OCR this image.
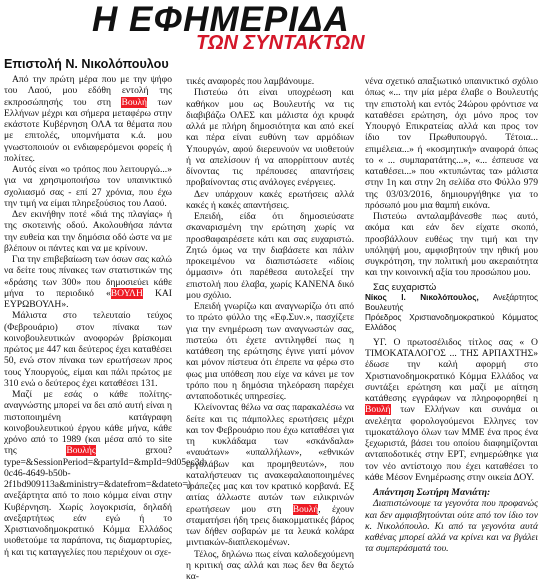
Η ΕΦΗΜΕΡΙΔΑ
ΤΩΝ ΣΥΝΤΑΚΤΩΝ
Επιστολή Ν. Νικολόπουλου

Από την πρώτη μέρα που με την ψήφο του Λαού, μου εδόθη εντολή της εκπροσώπησής του στη Βουλή των Ελλήνων μέχρι και σήμερα μεταφέρω στην εκάστοτε Κυβέρνηση ΟΛΑ τα θέματα που με επιτολές, υπομνήματα κ.ά. μου γνωστοποιούν οι ενδιαφερόμενοι φορείς ή πολίτες.

Αυτός είναι «ο τρόπος που λειτουργώ...» για να χρησιμοποιήσω τον υπαινικτικό σχολιασμό σας - επί 27 χρόνια, που έχω την τιμή να είμαι πληρεξούσιος του Λαού.

Δεν εκινήθην ποτέ «διά της πλαγίας» ή της σκοτεινής οδού. Ακολουθήσα πάντα την ευθεία και την δημόσια οδό ώστε να με βλέπουν οι πάντες και να με κρίνουν.

Για την επιβεβαίωση των όσων σας καλώ να δείτε τους πίνακες των στατιστικών της «δράσης των 300» που δημοσιεύει κάθε μήνα το περιοδικό «ΒΟΥΛΗ ΚΑΙ ΕΥΡΩΒΟΥΛΗ».

Μάλιστα στο τελευταίο τεύχος (Φεβρουάριο) στον πίνακα των κοινοβουλευτικών ανοφορών βρίσκομαι πρώτος με 447 και δεύτερος έχει καταθέσει 50, ενώ στον πίνακα των ερωτήσεων προς τους Υπουργούς, είμαι και πάλι πρώτος με 310 ενώ ο δεύτερος έχει καταθέσει 131.

Μαζί με εσάς ο κάθε πολίτης-αναγνώστης μπορεί να δει από αυτή είναι η πιστοποιημένη κατάγραφη κοινοβουλευτικού έργου κάθε μήνα, κάθε χρόνο από το 1989 (και μέσα από το site της Βουλής grxou?type=&SessionPeriod=&partyId=&mpId=9d05ec3d-0c46-4649-b50b-2f1bd909113a&ministry=&datefrom=&dateto=) ανεξάρτητα από το ποιο κόμμα είναι στην Κυβέρνηση. Χωρίς λογοκρισία, δηλαδή ανεξαρτήτως εάν εγώ ή το Χριστιανοδημοκρατικό Κόμμα Ελλάδος υιοθετούμε τα παράπονα, τις διαμαρτυρίες, ή και τις καταγγελίες που περιέχουν οι σχε-

τικές αναφορές που λαμβάνουμε.

Πιστεύω ότι είναι υποχρέωση και καθήκον μου ως Βουλευτής να τις διαβιβάζω ΟΛΕΣ και μάλιστα όχι κρυφά αλλά με πλήρη δημοσιότητα και από εκεί και πέρα είναι ευθύνη των αρμόδιων Υπουργών, αφού διερευνούν να υιοθετούν ή να απελίσουν ή να απορρίπτουν αυτές δίνοντας τις πρέπουσες απαντήσεις προβαίνοντας στις ανάλογες ενέργειες.

Δεν υπάρχουν κακές ερωτήσεις αλλά κακές ή κακές απαντήσεις.

Επειδή, είδα ότι δημοσιεύσατε σκαναρισμένη την ερώτηση χωρίς να προσθαφαιρέσετε κάτι και σας ευχαριστώ. Ζητώ όμως να την διαβάσετε και πάλιν προκειμένου να διαπιστώσετε «ιδίοις όμμασιν» ότι παρέθεσα αυτολεξεί την επιστολή που έλαβα, χωρίς ΚΑΝΕΝΑ δικό μου σχόλιο.

Επειδή γνωρίζω και αναγνωρίζω ότι από το πρώτο φύλλο της «Εφ.Συν.», πασχίζετε για την ενημέρωση των αναγνωστών σας, πιστεύω ότι έχετε αντιληφθεί πως η κατάθεση της ερώτησης έγινε γιατί μόνον και μόνον πίστευα ότι έπρεπε να φέρω στο φως μια υπόθεση που είχε να κάνει με τον τρόπο που η δημόσια τηλεόραση παρέχει ανταποδοτικές υπηρεσίες.

Κλείνοντας θέλω να σας παρακαλέσω να δείτε και τις πάμπολλες ερωτήσεις μέχρι και τον Φεβρουάριο που έχω καταθέσει για τη κυκλάδαμα των «σκάνδαλα» «ναυάτων» «υπαλλήλων», «εθνικών εργολάβων και προμηθευτών», που καταλήστευαν τις ανακεφαλαιοποιημένες τράπεζες μας και τον κρατικό κορβανά. Εξ αιτίας άλλωστε αυτών των ειλικρινών ερωτήσεων μου στη Βουλή, έχουν σταματήσει ήδη τρεις διακομματικές βάρος των δήθεν σοβαρών με τα λευκά κολάρα μιντιακών-διαπλεκομένων.

Τέλος, δηλώνω πως είναι καλοδεχούμενη η κριτική σας αλλά και πως δεν θα δεχτώ κα-

νένα σχετικό απαξιωτικό υπαινικτικό σχόλιο όπως «... την μία μέρα έλαβε ο Βουλευτής την επιστολή και εντός 24ώρου φρόντισε να καταθέσει ερώτηση, όχι μόνο προς τον Υπουργό Επικρατείας αλλά και προς τον ίδιο τον Πρωθυπουργό. Τέτοια... επιμέλεια...» ή «κοσμητική» αναφορά όπως το « ... συμπαρατάτης...», «... έσπευσε να καταθέσει...» που «κτυπώντας τα» μάλιστα στην 1η και στην 2η σελίδα στο Φύλλο 979 της 03/03/2016, δημιουργήθηκε για το πρόσωπό μου μια θαμπή εικόνα.

Πιστεύω ανταλαμβάνεσθε πως αυτό, ακόμα και εάν δεν είχατε σκοπό, προσβάλλουν ευθέως την τιμή και την υπόληψή μου, αμφισβητούν την ηθική μου συγκρότηση, την πολιτική μου ακεραιότητα και την κοινοινκή αξία του προσώπου μου.

Σας ευχαριστώ

Νίκος Ι. Νικολόπουλος, Ανεξάρτητος Βουλευτής

Πρόεδρος Χριστιανοδημοκρατικού Κόμματος Ελλάδος

ΥΓ. Ο πρωτοσέλιδος τίτλος σας « Ο ΤΙΜΟΚΑΤΑΛΟΓΟΣ ... ΤΗΣ ΑΡΠΑΧΤΗΣ» έδωσε την καλή αφορμή στο Χριστιανοδημοκρατικό Κόμμα Ελλάδος να συντάξει ερώτηση και μαζί με αίτηση κατάθεσης εγγράφων να πληροφορηθεί η Βουλή των Ελλήνων και συνάμα οι ανελέητα φορολογούμενοι Ελληνες τον τιμοκατάλογο όλων των ΜΜΕ ένα προς ένα ξεχωριστά, βάσει του οποίου διαφημίζονται ανταποδοτικές στην ΕΡΤ, ενημερώθηκε για τον νέο αντίστοιχο που έχει καταθέσει το κάθε Μέσον Ενημέρωσης στην οικεία ΔΟΥ.

Απάντηση Σωτήρη Μανιάτη:

Διαπιστώνουμε τα γεγονότα που προφανώς και δεν αμφισβητούνται ούτε από τον ίδιο τον κ. Νικολόπουλο. Κι από τα γεγονότα αυτά καθένας μπορεί αλλά να κρίνει και να βγάλει τα συμπεράσματά του.
